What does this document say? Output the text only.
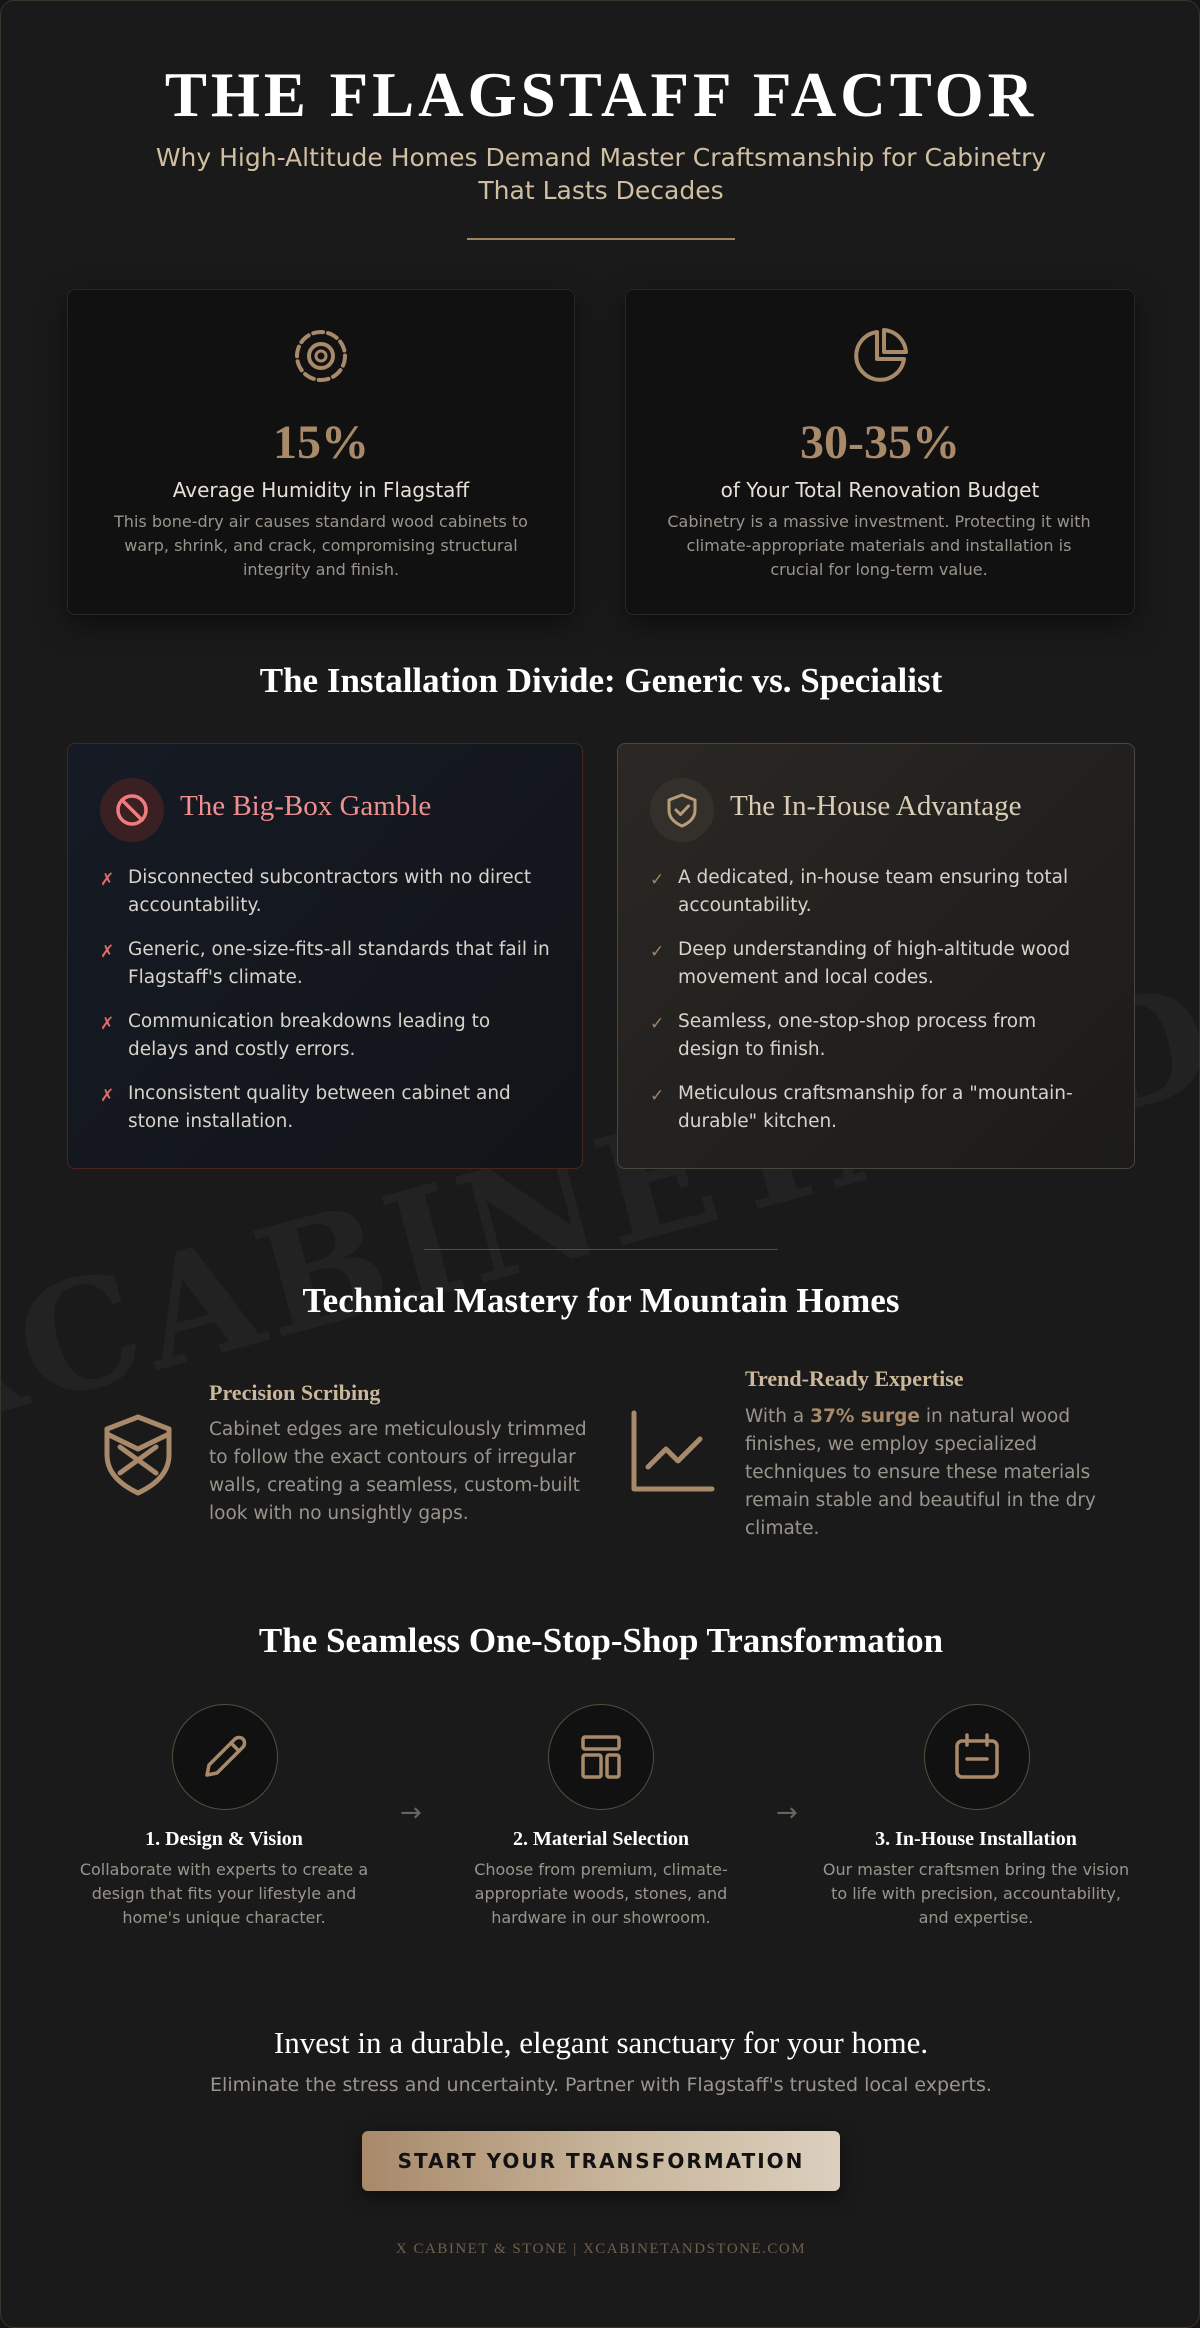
THE FLAGSTAFF FACTOR
Why High-Altitude Homes Demand Master Craftsmanship for Cabinetry That Lasts Decades
15%
Average Humidity in Flagstaff
This bone-dry air causes standard wood cabinets to warp, shrink, and crack, compromising structural integrity and finish.
30-35%
of Your Total Renovation Budget
Cabinetry is a massive investment. Protecting it with climate-appropriate materials and installation is crucial for long-term value.
The Installation Divide: Generic vs. Specialist
The Big-Box Gamble
✗ Disconnected subcontractors with no direct accountability.
✗ Generic, one-size-fits-all standards that fail in Flagstaff's climate.
✗ Communication breakdowns leading to delays and costly errors.
✗ Inconsistent quality between cabinet and stone installation.
The In-House Advantage
✓ A dedicated, in-house team ensuring total accountability.
✓ Deep understanding of high-altitude wood movement and local codes.
✓ Seamless, one-stop-shop process from design to finish.
✓ Meticulous craftsmanship for a "mountain-durable" kitchen.
Technical Mastery for Mountain Homes
Precision Scribing
Cabinet edges are meticulously trimmed to follow the exact contours of irregular walls, creating a seamless, custom-built look with no unsightly gaps.
Trend-Ready Expertise
With a 37% surge in natural wood finishes, we employ specialized techniques to ensure these materials remain stable and beautiful in the dry climate.
The Seamless One-Stop-Shop Transformation
1. Design & Vision
Collaborate with experts to create a design that fits your lifestyle and home's unique character.
→
2. Material Selection
Choose from premium, climate-appropriate woods, stones, and hardware in our showroom.
→
3. In-House Installation
Our master craftsmen bring the vision to life with precision, accountability, and expertise.
Invest in a durable, elegant sanctuary for your home.
Eliminate the stress and uncertainty. Partner with Flagstaff's trusted local experts.
START YOUR TRANSFORMATION
X CABINET & STONE | XCABINETANDSTONE.COM
